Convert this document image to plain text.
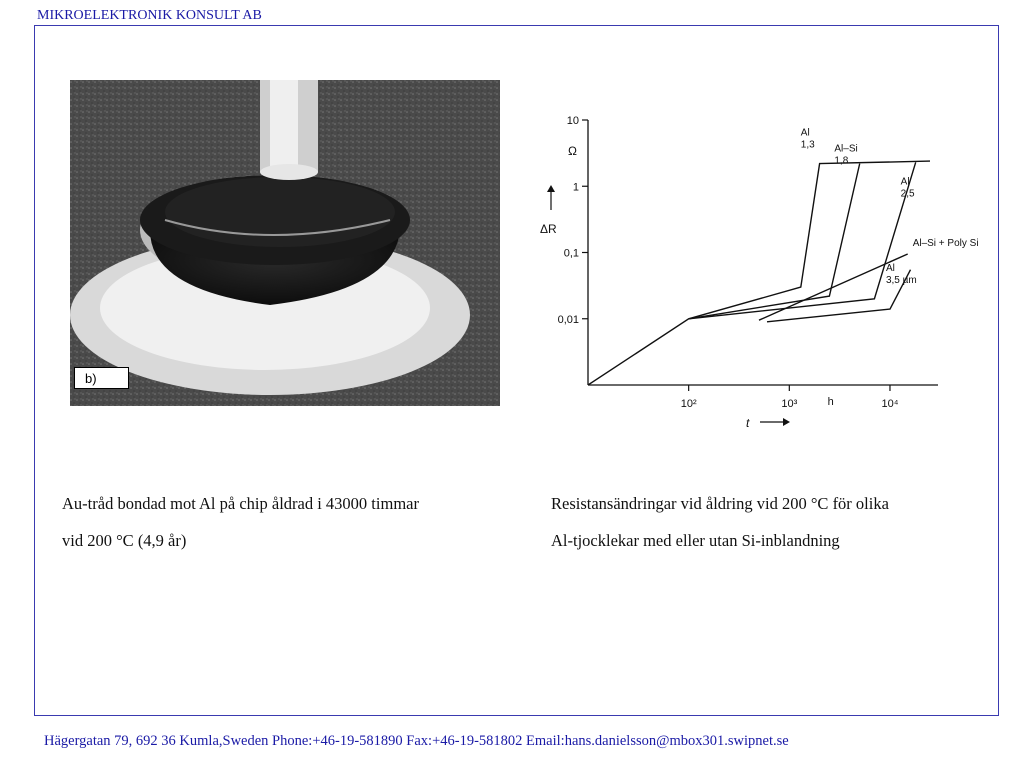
MIKROELEKTRONIK KONSULT AB
b)
10
1
0,1
0,01
10²	10³	10⁴
h
Al
1,3 Al–Si
1,8
Al
2,5
Al–Si + Poly Si
Al
3,5 µm
Ω
ΔR
t
Au-tråd bondad mot Al på chip åldrad i 43000 timmar
vid 200 °C (4,9 år)
Resistansändringar vid åldring vid 200 °C för olika
Al-tjocklekar med eller utan Si-inblandning
Hägergatan 79, 692 36 Kumla,Sweden Phone:+46-19-581890 Fax:+46-19-581802 Email:hans.danielsson@mbox301.swipnet.se
